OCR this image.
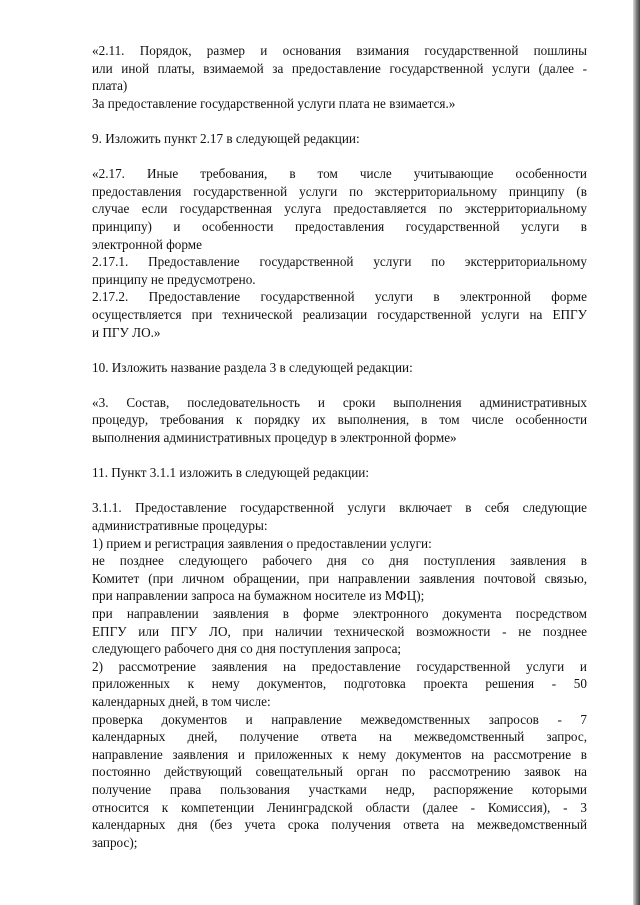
«2.11. Порядок, размер и основания взимания государственной пошлины
или иной платы, взимаемой за предоставление государственной услуги (далее -
плата)

За предоставление государственной услуги плата не взимается.»

9. Изложить пункт 2.17 в следующей редакции:

«2.17. Иные требования, в том числе учитывающие особенности
предоставления государственной услуги по экстерриториальному принципу (в
случае если государственная услуга предоставляется по экстерриториальному
принципу) и особенности предоставления государственной услуги в
электронной форме

2.17.1. Предоставление государственной услуги по экстерриториальному
принципу не предусмотрено.

2.17.2. Предоставление государственной услуги в электронной форме
осуществляется при технической реализации государственной услуги на ЕПГУ
и ПГУ ЛО.»

10. Изложить название раздела 3 в следующей редакции:

«3. Состав, последовательность и сроки выполнения административных
процедур, требования к порядку их выполнения, в том числе особенности
выполнения административных процедур в электронной форме»

11. Пункт 3.1.1 изложить в следующей редакции:

3.1.1. Предоставление государственной услуги включает в себя следующие
административные процедуры:

1) прием и регистрация заявления о предоставлении услуги:

не позднее следующего рабочего дня со дня поступления заявления в
Комитет (при личном обращении, при направлении заявления почтовой связью,
при направлении запроса на бумажном носителе из МФЦ);

при направлении заявления в форме электронного документа посредством
ЕПГУ или ПГУ ЛО, при наличии технической возможности - не позднее
следующего рабочего дня со дня поступления запроса;

2) рассмотрение заявления на предоставление государственной услуги и
приложенных к нему документов, подготовка проекта решения - 50
календарных дней, в том числе:

проверка документов и направление межведомственных запросов - 7
календарных дней, получение ответа на межведомственный запрос,
направление заявления и приложенных к нему документов на рассмотрение в
постоянно действующий совещательный орган по рассмотрению заявок на
получение права пользования участками недр, распоряжение которыми
относится к компетенции Ленинградской области (далее - Комиссия), - 3
календарных дня (без учета срока получения ответа на межведомственный
запрос);
